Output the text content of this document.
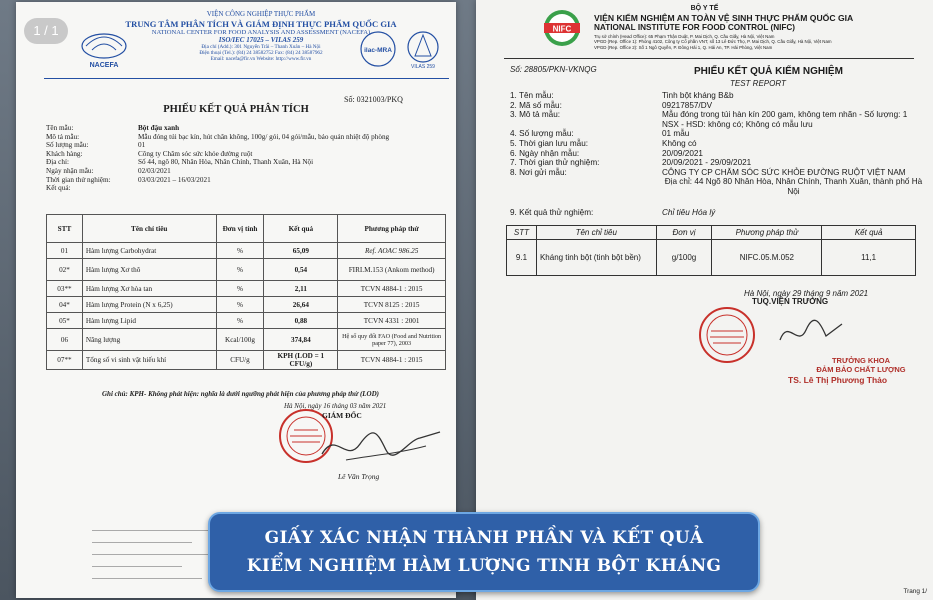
VIỆN CÔNG NGHIỆP THỰC PHẨM
TRUNG TÂM PHÂN TÍCH VÀ GIÁM ĐỊNH THỰC PHẨM QUỐC GIA
NATIONAL CENTER FOR FOOD ANALYSIS AND ASSESSMENT (NACEFA)
ISO/IEC 17025 – VILAS 259
Địa chỉ (Add.): 301 Nguyễn Trãi – Thanh Xuân – Hà Nội
Điện thoại (Tel.): (84) 24 38582752 Fax: (84) 24 38587962
Email: nacefa@fir.vn Website: http://www.fir.vn
NACEFA
ilac-MRA
VILAS 259
Số: 0321003/PKQ
PHIẾU KẾT QUẢ PHÂN TÍCH
Tên mẫu:	Bột đậu xanh
Mô tả mẫu:	Mẫu đóng túi bạc kín, hút chân không, 100g/ gói, 04 gói/mẫu, bảo quản nhiệt độ phòng
Số lượng mẫu:	01
Khách hàng:	Công ty Chăm sóc sức khỏe đường ruột
Địa chỉ:	Số 44, ngõ 80, Nhân Hòa, Nhân Chính, Thanh Xuân, Hà Nội
Ngày nhận mẫu:	02/03/2021
Thời gian thử nghiệm:	03/03/2021 – 16/03/2021
Kết quả:
STT	Tên chỉ tiêu	Đơn vị tính	Kết quả	Phương pháp thử
01	Hàm lượng Carbohydrat	%	65,09	Ref. AOAC 986.25
02*	Hàm lượng Xơ thô	%	0,54	FIRI.M.153 (Ankom method)
03**	Hàm lượng Xơ hòa tan	%	2,11	TCVN 4884-1 : 2015
04*	Hàm lượng Protein (N x 6,25)	%	26,64	TCVN 8125 : 2015
05*	Hàm lượng Lipid	%	0,88	TCVN 4331 : 2001
06	Năng lượng	Kcal/100g	374,84	Hệ số quy đổi FAO (Food and Nutrition paper 77), 2003
07**	Tổng số vi sinh vật hiếu khí	CFU/g	KPH (LOD = 1 CFU/g)	TCVN 4884-1 : 2015
Ghi chú: KPH- Không phát hiện: nghĩa là dưới ngưỡng phát hiện của phương pháp thử (LOD)
Hà Nội, ngày 16 tháng 03 năm 2021
GIÁM ĐỐC
Lê Văn Trọng
1 / 1
BỘ Y TẾ
NIFC
VIỆN KIỂM NGHIỆM AN TOÀN VỆ SINH THỰC PHẨM QUỐC GIA
NATIONAL INSTITUTE FOR FOOD CONTROL (NIFC)
Trụ sở chính (Head Office): 65 Phạm Thận Duật, P. Mai Dịch, Q. Cầu Giấy, Hà Nội, Việt Nam
VPGD (Rep. Office 1): Phòng 4102, Công ty Cổ phần VNT, số 13 Lê Đức Thọ, P. Mai Dịch, Q. Cầu Giấy, Hà Nội, Việt Nam
VPGD (Rep. Office 2): Số 1 Ngô Quyền, P. Đông Hải 1, Q. Hải An, TP. Hải Phòng, Việt Nam
Số: 28805/PKN-VKNQG	PHIẾU KẾT QUẢ KIỂM NGHIỆM
TEST REPORT
1. Tên mẫu:	Tinh bột kháng B&b
2. Mã số mẫu:	09217857/DV
3. Mô tả mẫu:	Mẫu đóng trong túi hàn kín 200 gam, không tem nhãn - Số lượng: 1 NSX - HSD: không có; Không có mẫu lưu
4. Số lượng mẫu:	01 mẫu
5. Thời gian lưu mẫu:	Không có
6. Ngày nhận mẫu:	20/09/2021
7. Thời gian thử nghiệm:	20/09/2021 - 29/09/2021
8. Nơi gửi mẫu:	CÔNG TY CP CHĂM SÓC SỨC KHỎE ĐƯỜNG RUỘT VIỆT NAM
Địa chỉ: 44 Ngõ 80 Nhân Hòa, Nhân Chính, Thanh Xuân, thành phố Hà Nội
9. Kết quả thử nghiệm:	Chỉ tiêu Hóa lý
STT	Tên chỉ tiêu	Đơn vị	Phương pháp thử	Kết quả
9.1	Kháng tinh bột (tinh bột bền)	g/100g	NIFC.05.M.052	11,1
Hà Nội, ngày 29 tháng 9 năm 2021
TUQ.VIỆN TRƯỞNG
TRƯỞNG KHOA
ĐẢM BẢO CHẤT LƯỢNG
TS. Lê Thị Phương Thảo
Trang 1/
GIẤY XÁC NHẬN THÀNH PHẦN VÀ KẾT QUẢ
KIỂM NGHIỆM HÀM LƯỢNG TINH BỘT KHÁNG
